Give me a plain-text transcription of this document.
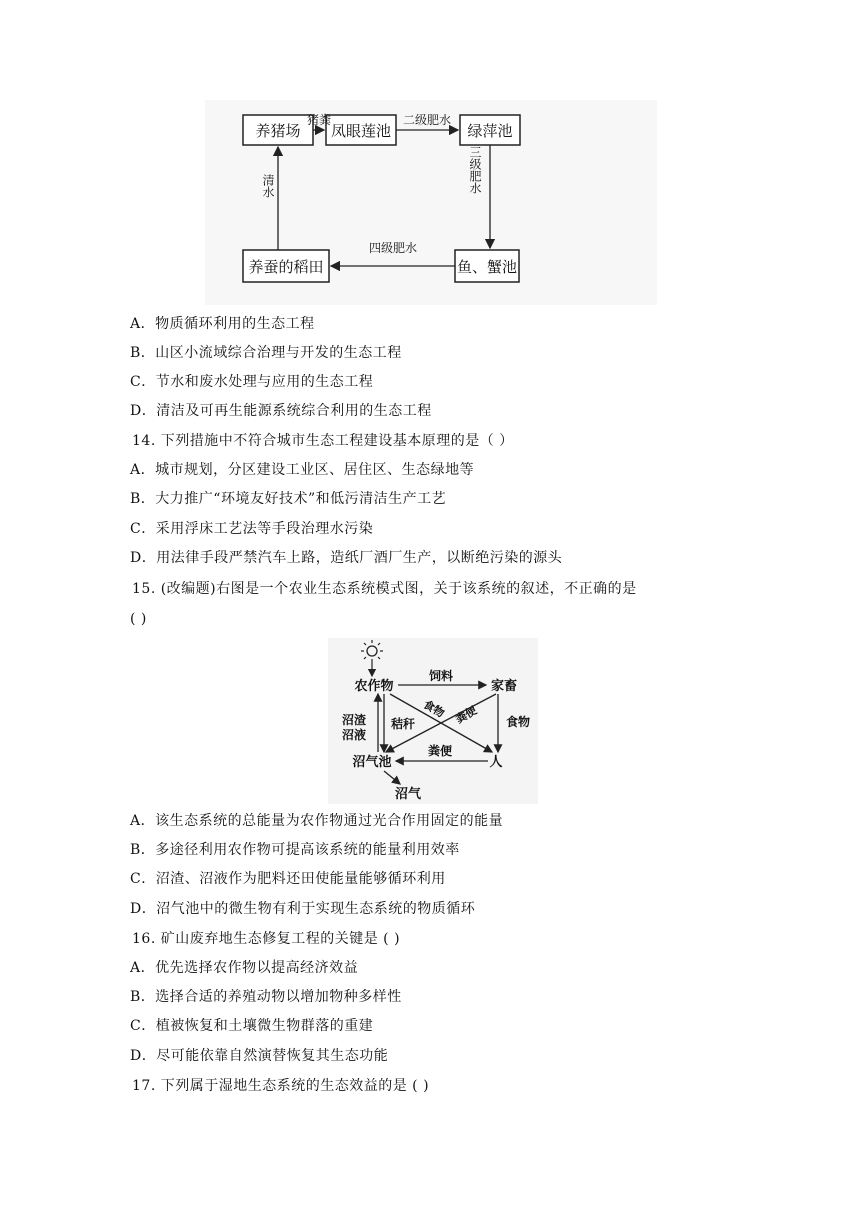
养猪场 凤眼莲池	绿萍池
鱼、蟹池
养蚕的稻田
猪粪	二级肥水
三级肥水
四级肥水
清水
A．物质循环利用的生态工程
B．山区小流域综合治理与开发的生态工程
C．节水和废水处理与应用的生态工程
D．清洁及可再生能源系统综合利用的生态工程
14. 下列措施中不符合城市生态工程建设基本原理的是（ ）
A．城市规划，分区建设工业区、居住区、生态绿地等
B．大力推广“环境友好技术”和低污清洁生产工艺
C．采用浮床工艺法等手段治理水污染
D．用法律手段严禁汽车上路，造纸厂酒厂生产，以断绝污染的源头
15. (改编题)右图是一个农业生态系统模式图，关于该系统的叙述，不正确的是
( )
农作物	家畜
沼气池	人
沼气
饲料
食物 粪便 食物
秸秆
沼渣
沼液
粪便
A．该生态系统的总能量为农作物通过光合作用固定的能量
B．多途径利用农作物可提高该系统的能量利用效率
C．沼渣、沼液作为肥料还田使能量能够循环利用
D．沼气池中的微生物有利于实现生态系统的物质循环
16. 矿山废弃地生态修复工程的关键是 ( )
A．优先选择农作物以提高经济效益
B．选择合适的养殖动物以增加物种多样性
C．植被恢复和土壤微生物群落的重建
D．尽可能依靠自然演替恢复其生态功能
17. 下列属于湿地生态系统的生态效益的是 ( )
